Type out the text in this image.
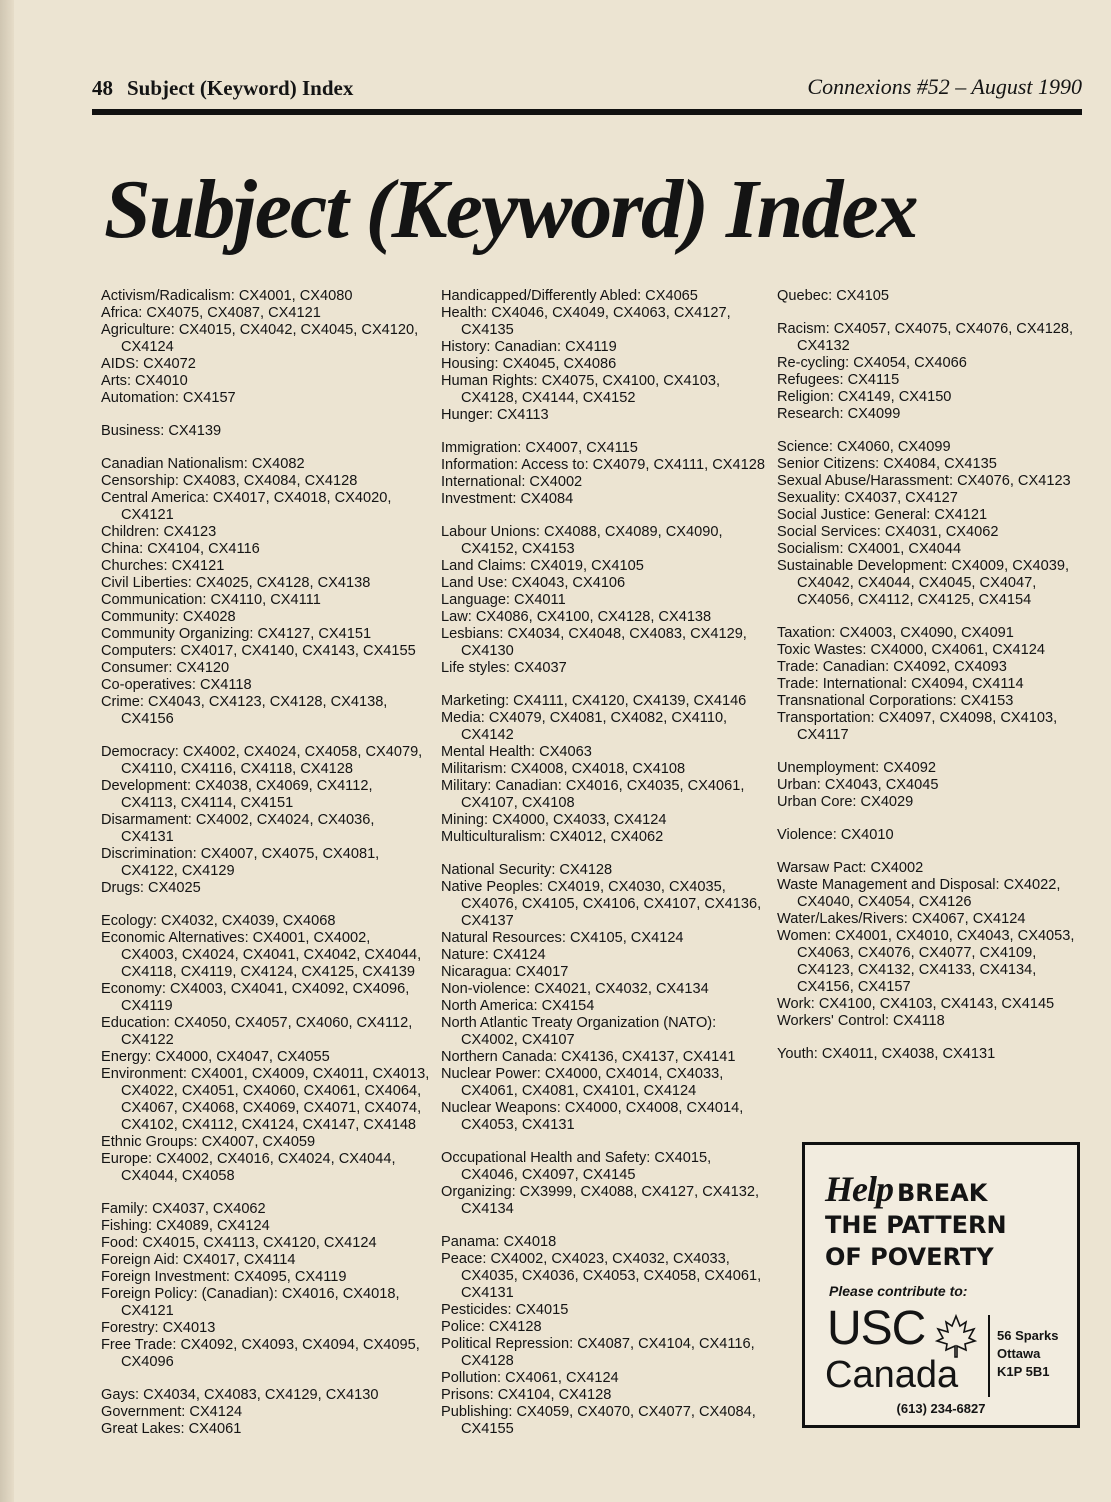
48 Subject (Keyword) Index	Connexions #52 – August 1990
Subject (Keyword) Index
Activism/Radicalism: CX4001, CX4080
Africa: CX4075, CX4087, CX4121
Agriculture: CX4015, CX4042, CX4045, CX4120, CX4124
AIDS: CX4072
Arts: CX4010
Automation: CX4157
Business: CX4139
Canadian Nationalism: CX4082
Censorship: CX4083, CX4084, CX4128
Central America: CX4017, CX4018, CX4020, CX4121
Children: CX4123
China: CX4104, CX4116
Churches: CX4121
Civil Liberties: CX4025, CX4128, CX4138
Communication: CX4110, CX4111
Community: CX4028
Community Organizing: CX4127, CX4151
Computers: CX4017, CX4140, CX4143, CX4155
Consumer: CX4120
Co-operatives: CX4118
Crime: CX4043, CX4123, CX4128, CX4138, CX4156
Democracy: CX4002, CX4024, CX4058, CX4079, CX4110, CX4116, CX4118, CX4128
Development: CX4038, CX4069, CX4112, CX4113, CX4114, CX4151
Disarmament: CX4002, CX4024, CX4036, CX4131
Discrimination: CX4007, CX4075, CX4081, CX4122, CX4129
Drugs: CX4025
Ecology: CX4032, CX4039, CX4068
Economic Alternatives: CX4001, CX4002, CX4003, CX4024, CX4041, CX4042, CX4044, CX4118, CX4119, CX4124, CX4125, CX4139
Economy: CX4003, CX4041, CX4092, CX4096, CX4119
Education: CX4050, CX4057, CX4060, CX4112, CX4122
Energy: CX4000, CX4047, CX4055
Environment: CX4001, CX4009, CX4011, CX4013, CX4022, CX4051, CX4060, CX4061, CX4064, CX4067, CX4068, CX4069, CX4071, CX4074, CX4102, CX4112, CX4124, CX4147, CX4148
Ethnic Groups: CX4007, CX4059
Europe: CX4002, CX4016, CX4024, CX4044, CX4044, CX4058
Family: CX4037, CX4062
Fishing: CX4089, CX4124
Food: CX4015, CX4113, CX4120, CX4124
Foreign Aid: CX4017, CX4114
Foreign Investment: CX4095, CX4119
Foreign Policy: (Canadian): CX4016, CX4018, CX4121
Forestry: CX4013
Free Trade: CX4092, CX4093, CX4094, CX4095, CX4096
Gays: CX4034, CX4083, CX4129, CX4130
Government: CX4124
Great Lakes: CX4061
Handicapped/Differently Abled: CX4065
Health: CX4046, CX4049, CX4063, CX4127, CX4135
History: Canadian: CX4119
Housing: CX4045, CX4086
Human Rights: CX4075, CX4100, CX4103, CX4128, CX4144, CX4152
Hunger: CX4113
Immigration: CX4007, CX4115
Information: Access to: CX4079, CX4111, CX4128
International: CX4002
Investment: CX4084
Labour Unions: CX4088, CX4089, CX4090, CX4152, CX4153
Land Claims: CX4019, CX4105
Land Use: CX4043, CX4106
Language: CX4011
Law: CX4086, CX4100, CX4128, CX4138
Lesbians: CX4034, CX4048, CX4083, CX4129, CX4130
Life styles: CX4037
Marketing: CX4111, CX4120, CX4139, CX4146
Media: CX4079, CX4081, CX4082, CX4110, CX4142
Mental Health: CX4063
Militarism: CX4008, CX4018, CX4108
Military: Canadian: CX4016, CX4035, CX4061, CX4107, CX4108
Mining: CX4000, CX4033, CX4124
Multiculturalism: CX4012, CX4062
National Security: CX4128
Native Peoples: CX4019, CX4030, CX4035, CX4076, CX4105, CX4106, CX4107, CX4136, CX4137
Natural Resources: CX4105, CX4124
Nature: CX4124
Nicaragua: CX4017
Non-violence: CX4021, CX4032, CX4134
North America: CX4154
North Atlantic Treaty Organization (NATO): CX4002, CX4107
Northern Canada: CX4136, CX4137, CX4141
Nuclear Power: CX4000, CX4014, CX4033, CX4061, CX4081, CX4101, CX4124
Nuclear Weapons: CX4000, CX4008, CX4014, CX4053, CX4131
Occupational Health and Safety: CX4015, CX4046, CX4097, CX4145
Organizing: CX3999, CX4088, CX4127, CX4132, CX4134
Panama: CX4018
Peace: CX4002, CX4023, CX4032, CX4033, CX4035, CX4036, CX4053, CX4058, CX4061, CX4131
Pesticides: CX4015
Police: CX4128
Political Repression: CX4087, CX4104, CX4116, CX4128
Pollution: CX4061, CX4124
Prisons: CX4104, CX4128
Publishing: CX4059, CX4070, CX4077, CX4084, CX4155
Quebec: CX4105
Racism: CX4057, CX4075, CX4076, CX4128, CX4132
Re-cycling: CX4054, CX4066
Refugees: CX4115
Religion: CX4149, CX4150
Research: CX4099
Science: CX4060, CX4099
Senior Citizens: CX4084, CX4135
Sexual Abuse/Harassment: CX4076, CX4123
Sexuality: CX4037, CX4127
Social Justice: General: CX4121
Social Services: CX4031, CX4062
Socialism: CX4001, CX4044
Sustainable Development: CX4009, CX4039, CX4042, CX4044, CX4045, CX4047, CX4056, CX4112, CX4125, CX4154
Taxation: CX4003, CX4090, CX4091
Toxic Wastes: CX4000, CX4061, CX4124
Trade: Canadian: CX4092, CX4093
Trade: International: CX4094, CX4114
Transnational Corporations: CX4153
Transportation: CX4097, CX4098, CX4103, CX4117
Unemployment: CX4092
Urban: CX4043, CX4045
Urban Core: CX4029
Violence: CX4010
Warsaw Pact: CX4002
Waste Management and Disposal: CX4022, CX4040, CX4054, CX4126
Water/Lakes/Rivers: CX4067, CX4124
Women: CX4001, CX4010, CX4043, CX4053, CX4063, CX4076, CX4077, CX4109, CX4123, CX4132, CX4133, CX4134, CX4156, CX4157
Work: CX4100, CX4103, CX4143, CX4145
Workers' Control: CX4118
Youth: CX4011, CX4038, CX4131
Help BREAK
THE PATTERN
OF POVERTY
Please contribute to:
USC
Canada
56 Sparks
Ottawa
K1P 5B1
(613) 234-6827
